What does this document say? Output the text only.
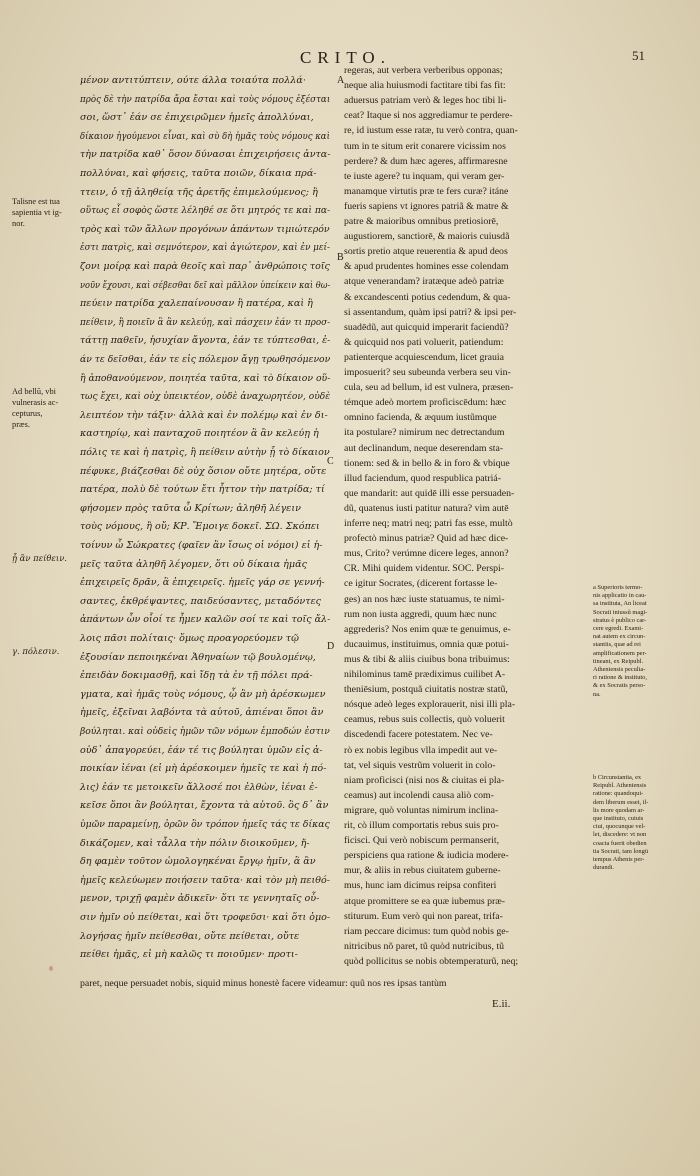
CRITO.	51
μένον αντιτύπτειν, ούτε άλλα τοιαύτα πολλά·
πρὸς δὲ τὴν πατρίδα ἄρα ἔσται καὶ τοὺς νόμους ἐξέσται
σοι, ὥστ᾽ ἐάν σε ἐπιχειρῶμεν ἡμεῖς ἀπολλύναι,
δίκαιον ἡγούμενοι εἶναι, καὶ σὺ δὴ ἡμᾶς τοὺς νόμους καὶ
τὴν πατρίδα καθ᾽ ὅσον δύνασαι ἐπιχειρήσεις ἀντα-
πολλύναι, καὶ φήσεις, ταῦτα ποιῶν, δίκαια πρά-
ττειν, ὁ τῇ ἀληθείᾳ τῆς ἀρετῆς ἐπιμελούμενος; ἢ
οὕτως εἶ σοφὸς ὥστε λέληθέ σε ὅτι μητρός τε καὶ πα-
τρὸς καὶ τῶν ἄλλων προγόνων ἁπάντων τιμιώτερόν
ἐστι πατρὶς, καὶ σεμνότερον, καὶ ἁγιώτερον, καὶ ἐν μεί-
ζονι μοίρᾳ καὶ παρὰ θεοῖς καὶ παρ᾽ ἀνθρώποις τοῖς
νοῦν ἔχουσι, καὶ σέβεσθαι δεῖ καὶ μᾶλλον ὑπείκειν καὶ θω-
πεύειν πατρίδα χαλεπαίνουσαν ἢ πατέρα, καὶ ἢ
πείθειν, ἢ ποιεῖν ἃ ἂν κελεύῃ, καὶ πάσχειν ἐάν τι προσ-
τάττῃ παθεῖν, ἡσυχίαν ἄγοντα, ἐάν τε τύπτεσθαι, ἐ-
άν τε δεῖσθαι, ἐάν τε εἰς πόλεμον ἄγῃ τρωθησόμενον
ἢ ἀποθανούμενον, ποιητέα ταῦτα, καὶ τὸ δίκαιον οὕ-
τως ἔχει, καὶ οὐχ ὑπεικτέον, οὐδὲ ἀναχωρητέον, οὐδὲ
λειπτέον τὴν τάξιν· ἀλλὰ καὶ ἐν πολέμῳ καὶ ἐν δι-
καστηρίῳ, καὶ πανταχοῦ ποιητέον ἃ ἂν κελεύῃ ἡ
πόλις τε καὶ ἡ πατρὶς, ἢ πείθειν αὐτὴν ᾗ τὸ δίκαιον
πέφυκε, βιάζεσθαι δὲ οὐχ ὅσιον οὔτε μητέρα, οὔτε
πατέρα, πολὺ δὲ τούτων ἔτι ἧττον τὴν πατρίδα; τί
φήσομεν πρὸς ταῦτα ὦ Κρίτων; ἀληθῆ λέγειν
τοὺς νόμους, ἢ οὔ; ΚΡ. Ἔμοιγε δοκεῖ. ΣΩ. Σκόπει
τοίνυν ὦ Σώκρατες (φαῖεν ἂν ἴσως οἱ νόμοι) εἰ ἡ-
μεῖς ταῦτα ἀληθῆ λέγομεν, ὅτι οὐ δίκαια ἡμᾶς
ἐπιχειρεῖς δρᾶν, ἃ ἐπιχειρεῖς. ἡμεῖς γάρ σε γεννή-
σαντες, ἐκθρέψαντες, παιδεύσαντες, μεταδόντες
ἁπάντων ὧν οἷοί τε ἦμεν καλῶν σοί τε καὶ τοῖς ἄλ-
λοις πᾶσι πολίταις· ὅμως προαγορεύομεν τῷ
ἐξουσίαν πεποιηκέναι Ἀθηναίων τῷ βουλομένῳ,
ἐπειδὰν δοκιμασθῇ, καὶ ἴδῃ τὰ ἐν τῇ πόλει πρά-
γματα, καὶ ἡμᾶς τοὺς νόμους, ᾧ ἂν μὴ ἀρέσκωμεν
ἡμεῖς, ἐξεῖναι λαβόντα τὰ αὑτοῦ, ἀπιέναι ὅποι ἂν
βούληται. καὶ οὐδεὶς ἡμῶν τῶν νόμων ἐμποδών ἐστιν
οὐδ᾽ ἀπαγορεύει, ἐάν τέ τις βούληται ὑμῶν εἰς ἀ-
ποικίαν ἰέναι (εἰ μὴ ἀρέσκοιμεν ἡμεῖς τε καὶ ἡ πό-
λις) ἐάν τε μετοικεῖν ἄλλοσέ ποι ἐλθὼν, ἰέναι ἐ-
κεῖσε ὅποι ἂν βούληται, ἔχοντα τὰ αὑτοῦ. ὃς δ᾽ ἂν
ὑμῶν παραμείνῃ, ὁρῶν ὃν τρόπον ἡμεῖς τάς τε δίκας
δικάζομεν, καὶ τἆλλα τὴν πόλιν διοικοῦμεν, ἤ-
δη φαμὲν τοῦτον ὡμολογηκέναι ἔργῳ ἡμῖν, ἃ ἂν
ἡμεῖς κελεύωμεν ποιήσειν ταῦτα· καὶ τὸν μὴ πειθό-
μενον, τριχῇ φαμὲν ἀδικεῖν· ὅτι τε γεννηταῖς οὖ-
σιν ἡμῖν οὐ πείθεται, καὶ ὅτι τροφεῦσι· καὶ ὅτι ὁμο-
λογήσας ἡμῖν πείθεσθαι, οὔτε πείθεται, οὔτε
πείθει ἡμᾶς, εἰ μὴ καλῶς τι ποιοῦμεν· προτι-
regeras, aut verbera verberibus opponas;
neque alia huiusmodi factitare tibi fas fit:
aduersus patriam verò & leges hoc tibi li-
ceat? Itaque si nos aggrediamur te perdere-
re, id iustum esse ratæ, tu verò contra, quan-
tum in te situm erit conarere vicissim nos
perdere? & dum hæc ageres, affirmaresne
te iuste agere? tu inquam, qui veram ger-
manamque virtutis præ te fers curæ? itáne
fueris sapiens vt ignores patriã & matre &
patre & maioribus omnibus pretiosiorē,
augustiorem, sanctiorē, & maioris cuiusdã
sortis pretio atque reuerentia & apud deos
& apud prudentes homines esse colendam
atque venerandam? iratæque adeò patriæ
& excandescenti potius cedendum, & qua-
si assentandum, quàm ipsi patri? & ipsi per-
suadēdũ, aut quicquid imperarit faciendũ?
& quicquid nos pati voluerit, patiendum:
patienterque acquiescendum, licet grauia
imposuerit? seu subeunda verbera seu vin-
cula, seu ad bellum, id est vulnera, præsen-
témque adeò mortem proficiscēdum: hæc
omnino facienda, & æquum iustũmque
ita postulare? nimirum nec detrectandum
aut declinandum, neque deserendam sta-
tionem: sed & in bello & in foro & vbique
illud faciendum, quod respublica patriá-
que mandarit: aut quidē illi esse persuaden-
dũ, quatenus iusti patitur natura? vim autē
inferre neq; matri neq; patri fas esse, multò
profectò minus patriæ? Quid ad hæc dice-
mus, Crito? verúmne dicere leges, annon?
CR. Mihi quidem videntur. SOC. Perspi-
ce igitur Socrates, (dicerent fortasse le-
ges) an nos hæc iuste statuamus, te nimi-
rum non iusta aggredi, quum hæc nunc
aggrederis? Nos enim quæ te genuimus, e-
ducauimus, instituimus, omnia quæ potui-
mus & tibi & aliis ciuibus bona tribuimus:
nihilominus tamē prædiximus cuilibet A-
theniēsium, postquã ciuitatis nostræ statũ,
nósque adeò leges explorauerit, nisi illi pla-
ceamus, rebus suis collectis, quò voluerit
discedendi facere potestatem. Nec ve-
rò ex nobis legibus vlla impedit aut ve-
tat, vel siquis vestrũm voluerit in colo-
niam proficisci (nisi nos & ciuitas ei pla-
ceamus) aut incolendi causa aliò com-
migrare, quò voluntas nimirum inclina-
rit, cò illum comportatis rebus suis pro-
ficisci. Qui verò nobiscum permanserit,
perspiciens qua ratione & iudicia modere-
mur, & aliis in rebus ciuitatem guberne-
mus, hunc iam dicimus reipsa confiteri
atque promittere se ea quæ iubemus præ-
stiturum. Eum verò qui non pareat, trifa-
riam peccare dicimus: tum quòd nobis ge-
nitricibus nõ paret, tũ quòd nutricibus, tũ
quòd pollicitus se nobis obtemperaturũ, neq;
A
B
C
D
Talisne est tua
sapientia vt ig-
nor.
Ad bellũ, vbi
vulnerasis ac-
cepturus,
præs.
ᾗ ἂν πείθειν.
γ. πόλεσιν.
a Superioris termo-
nis applicatio in cau-
sa instituta, An liceat
Socrati iniussũ magi-
stratus è publico car-
cere egredi. Exami-
nat autem ex circun-
stantiis, quæ ad rei
amplificationem per-
tineant, ex Reipubl.
Atheniensis peculia-
ri ratione & instituto,
& ex Socratis perso-
na.
b Circunstantia, ex
Reipubl. Atheniensis
ratione: quandoqui-
dem liberum esset, il-
lis more quodam ar-
que instituto, cuiuis
ciui, quocunque vel-
let, discedere: vt non
coacta fuerit obedien
tia Socrati, tam longū
tempus Athenis per-
durandi.
paret, neque persuadet nobis, siquid minus honestè facere videamur: quũ nos res ipsas tantùm
E.ii.
